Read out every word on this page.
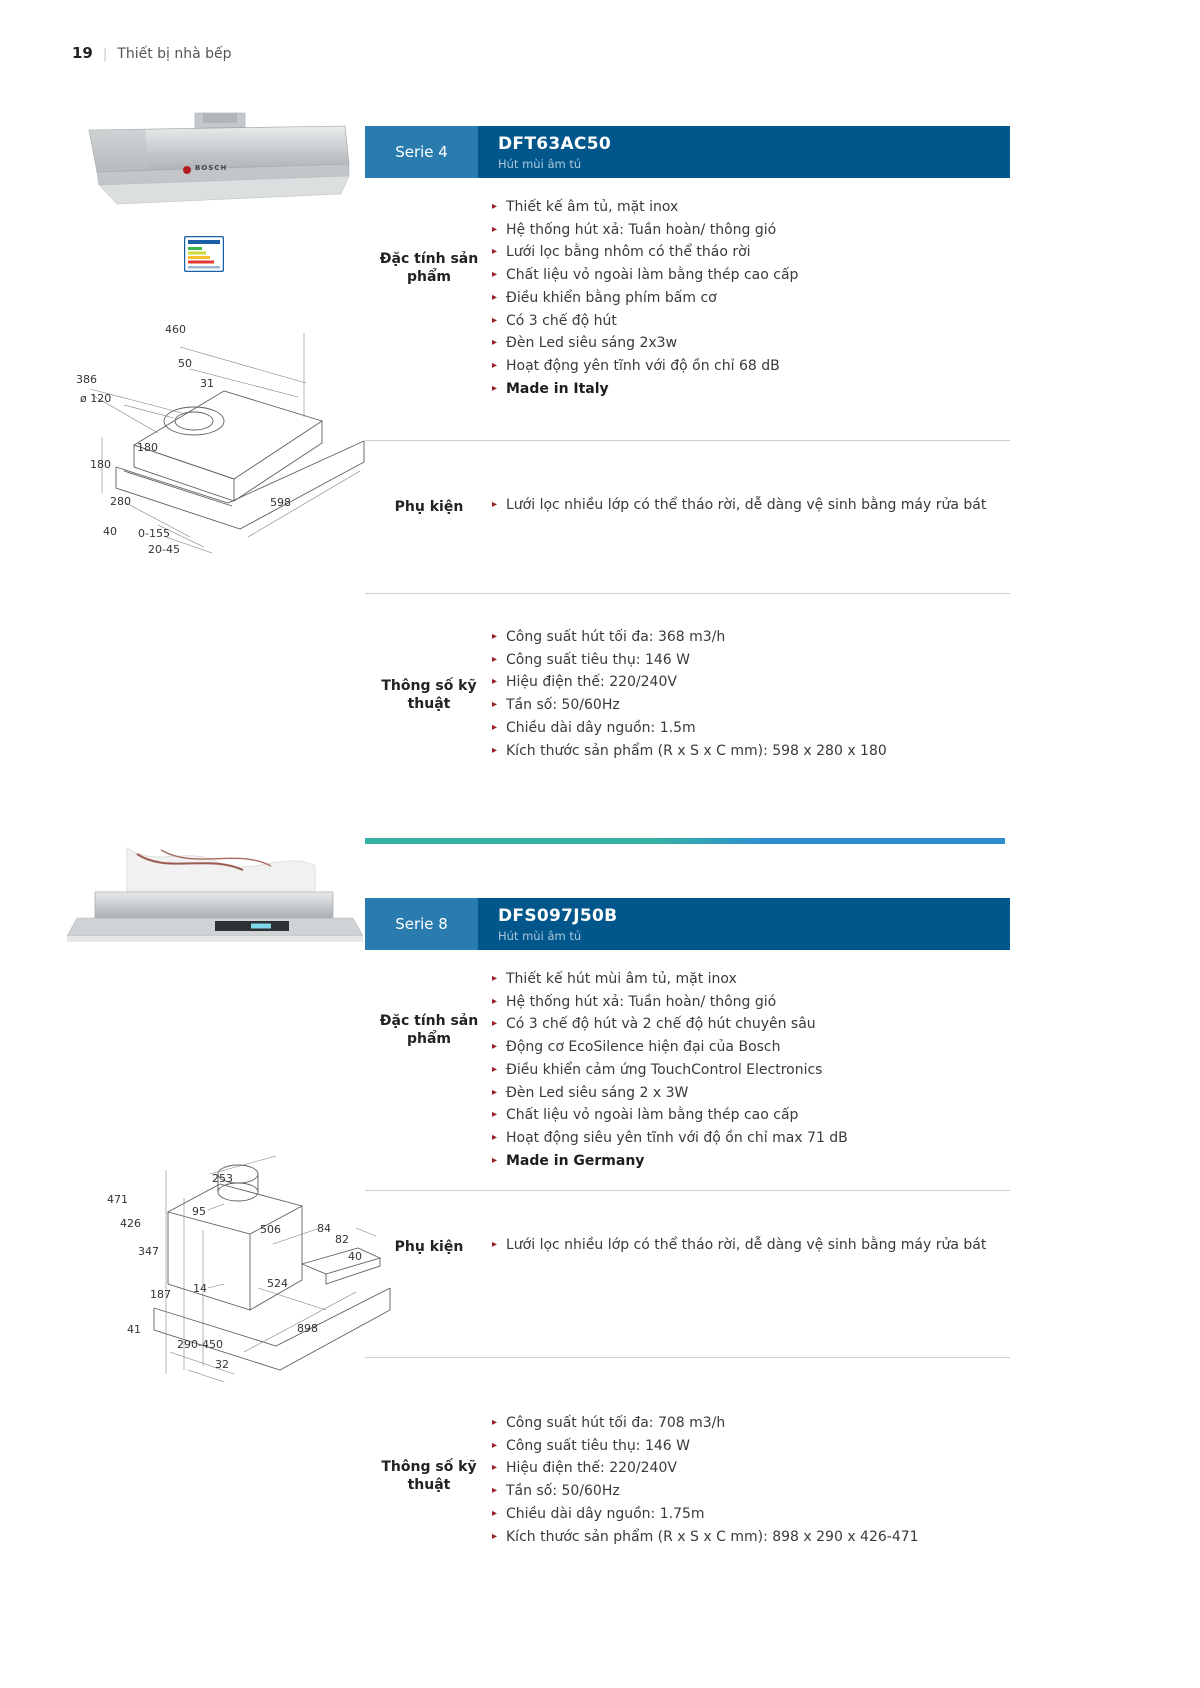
19 | Thiết bị nhà bếp
BOSCH
460
50
386	31
ø 120
180
180
280	598
40 0-155
20-45
Serie 4	DFT63AC50
Hút mùi âm tủ
Đặc tính sản phẩm
▸ Thiết kế âm tủ, mặt inox
▸ Hệ thống hút xả: Tuần hoàn/ thông gió
▸ Lưới lọc bằng nhôm có thể tháo rời
▸ Chất liệu vỏ ngoài làm bằng thép cao cấp
▸ Điều khiển bằng phím bấm cơ
▸ Có 3 chế độ hút
▸ Đèn Led siêu sáng 2x3w
▸ Hoạt động yên tĩnh với độ ồn chỉ 68 dB
▸ Made in Italy
Phụ kiện	▸ Lưới lọc nhiều lớp có thể tháo rời, dễ dàng vệ sinh bằng máy rửa bát
Thông số kỹ thuật
▸ Công suất hút tối đa: 368 m3/h
▸ Công suất tiêu thụ: 146 W
▸ Hiệu điện thế: 220/240V
▸ Tần số: 50/60Hz
▸ Chiều dài dây nguồn: 1.5m
▸ Kích thước sản phẩm (R x S x C mm): 598 x 280 x 180
Serie 8	DFS097J50B
Hút mùi âm tủ
Đặc tính sản phẩm
▸ Thiết kế hút mùi âm tủ, mặt inox
▸ Hệ thống hút xả: Tuần hoàn/ thông gió
▸ Có 3 chế độ hút và 2 chế độ hút chuyên sâu
▸ Động cơ EcoSilence hiện đại của Bosch
▸ Điều khiển cảm ứng TouchControl Electronics
▸ Đèn Led siêu sáng 2 x 3W
▸ Chất liệu vỏ ngoài làm bằng thép cao cấp
▸ Hoạt động siêu yên tĩnh với độ ồn chỉ max 71 dB
▸ Made in Germany
253
471
95
426	506	84
82
347	40
14	524
187
41
290-450
32
898
Phụ kiện	▸ Lưới lọc nhiều lớp có thể tháo rời, dễ dàng vệ sinh bằng máy rửa bát
Thông số kỹ thuật
▸ Công suất hút tối đa: 708 m3/h
▸ Công suất tiêu thụ: 146 W
▸ Hiệu điện thế: 220/240V
▸ Tần số: 50/60Hz
▸ Chiều dài dây nguồn: 1.75m
▸ Kích thước sản phẩm (R x S x C mm): 898 x 290 x 426-471
